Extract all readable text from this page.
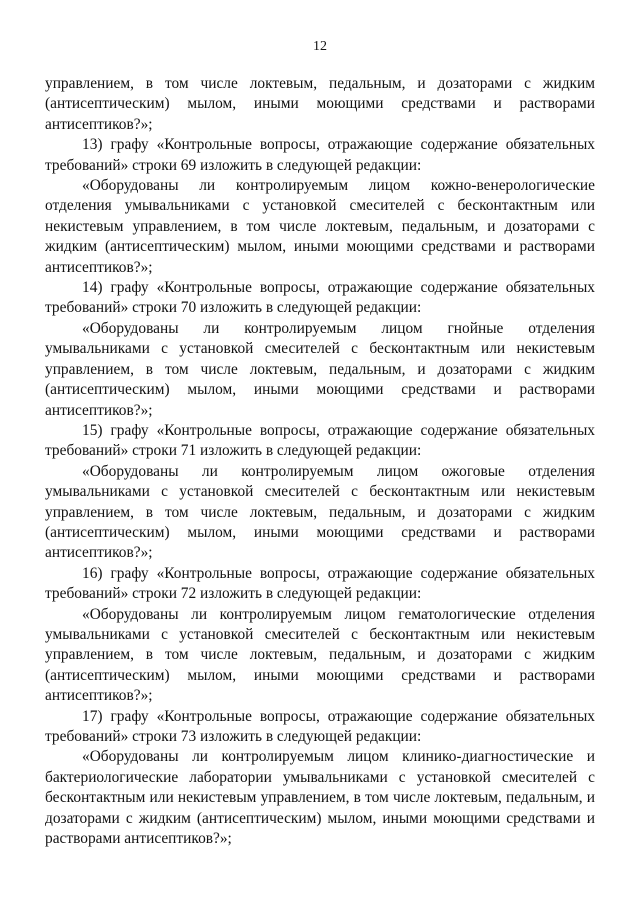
12

управлением, в том числе локтевым, педальным, и дозаторами с жидким (антисептическим) мылом, иными моющими средствами и растворами антисептиков?»;

13) графу «Контрольные вопросы, отражающие содержание обязательных требований» строки 69 изложить в следующей редакции:

«Оборудованы ли контролируемым лицом кожно-венерологические отделения умывальниками с установкой смесителей с бесконтактным или некистевым управлением, в том числе локтевым, педальным, и дозаторами с жидким (антисептическим) мылом, иными моющими средствами и растворами антисептиков?»;

14) графу «Контрольные вопросы, отражающие содержание обязательных требований» строки 70 изложить в следующей редакции:

«Оборудованы ли контролируемым лицом гнойные отделения умывальниками с установкой смесителей с бесконтактным или некистевым управлением, в том числе локтевым, педальным, и дозаторами с жидким (антисептическим) мылом, иными моющими средствами и растворами антисептиков?»;

15) графу «Контрольные вопросы, отражающие содержание обязательных требований» строки 71 изложить в следующей редакции:

«Оборудованы ли контролируемым лицом ожоговые отделения умывальниками с установкой смесителей с бесконтактным или некистевым управлением, в том числе локтевым, педальным, и дозаторами с жидким (антисептическим) мылом, иными моющими средствами и растворами антисептиков?»;

16) графу «Контрольные вопросы, отражающие содержание обязательных требований» строки 72 изложить в следующей редакции:

«Оборудованы ли контролируемым лицом гематологические отделения умывальниками с установкой смесителей с бесконтактным или некистевым управлением, в том числе локтевым, педальным, и дозаторами с жидким (антисептическим) мылом, иными моющими средствами и растворами антисептиков?»;

17) графу «Контрольные вопросы, отражающие содержание обязательных требований» строки 73 изложить в следующей редакции:

«Оборудованы ли контролируемым лицом клинико-диагностические и бактериологические лаборатории умывальниками с установкой смесителей с бесконтактным или некистевым управлением, в том числе локтевым, педальным, и дозаторами с жидким (антисептическим) мылом, иными моющими средствами и растворами антисептиков?»;
